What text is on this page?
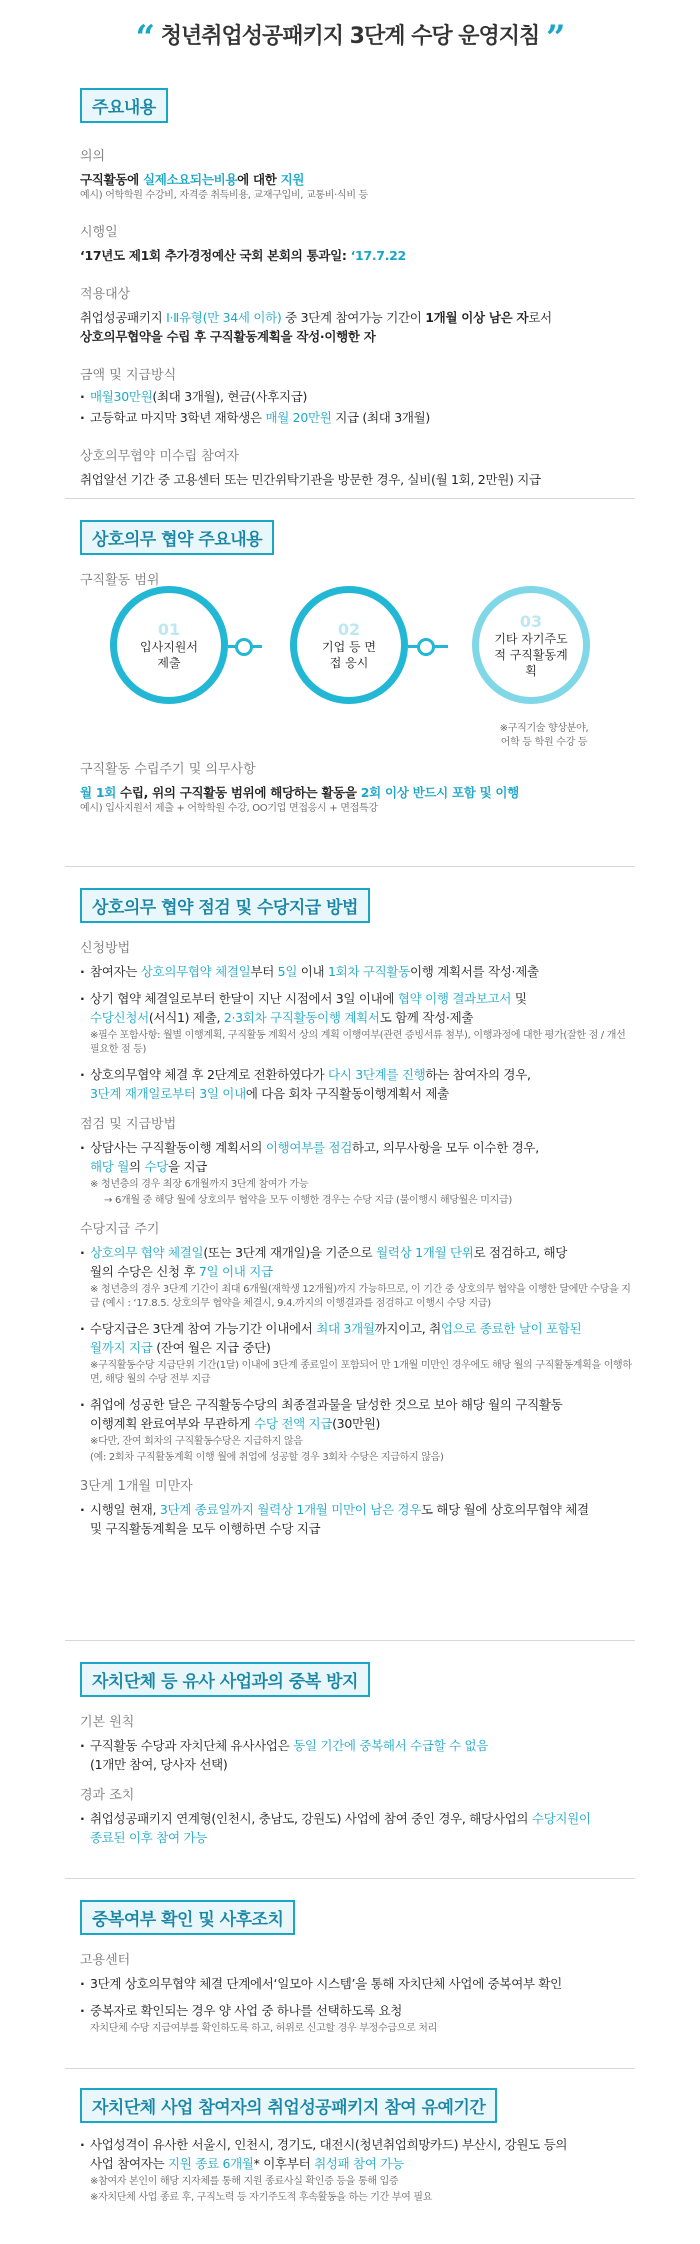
“ 청년취업성공패키지 3단계 수당 운영지침 ”
주요내용
의의
구직활동에 실제소요되는비용에 대한 지원
예시) 어학학원 수강비, 자격증 취득비용, 교재구입비, 교통비·식비 등
시행일
‘17년도 제1회 추가경정예산 국회 본회의 통과일: ‘17.7.22
적용대상
취업성공패키지 Ⅰ·Ⅱ유형(만 34세 이하) 중 3단계 참여가능 기간이 1개월 이상 남은 자로서
상호의무협약을 수립 후 구직활동계획을 작성·이행한 자
금액 및 지급방식
· 매월30만원(최대 3개월), 현금(사후지급)
· 고등학교 마지막 3학년 재학생은 매월 20만원 지급 (최대 3개월)
상호의무협약 미수립 참여자
취업알선 기간 중 고용센터 또는 민간위탁기관을 방문한 경우, 실비(월 1회, 2만원) 지급
상호의무 협약 주요내용
구직활동 범위
01
입사지원서 제출
02
기업 등 면접 응시
03
기타 자기주도적 구직활동계획
※구직기술 향상분야,
어학 등 학원 수강 등
구직활동 수립주기 및 의무사항
월 1회 수립, 위의 구직활동 범위에 해당하는 활동을 2회 이상 반드시 포함 및 이행
예시) 입사지원서 제출 + 어학학원 수강, OO기업 면접응시 + 면접특강
상호의무 협약 점검 및 수당지급 방법
신청방법
· 참여자는 상호의무협약 체결일부터 5일 이내 1회차 구직활동이행 계획서를 작성·제출
· 상기 협약 체결일로부터 한달이 지난 시점에서 3일 이내에 협약 이행 결과보고서 및
수당신청서(서식1) 제출, 2·3회차 구직활동이행 계획서도 함께 작성·제출
※필수 포함사항: 월별 이행계획, 구직활동 계획서 상의 계획 이행여부(관련 증빙서류 첨부), 이행과정에 대한 평가(잘한 점 / 개선 필요한 점 등)
· 상호의무협약 체결 후 2단계로 전환하였다가 다시 3단계를 진행하는 참여자의 경우,
3단계 재개일로부터 3일 이내에 다음 회차 구직활동이행계획서 제출
점검 및 지급방법
· 상담사는 구직활동이행 계획서의 이행여부를 점검하고, 의무사항을 모두 이수한 경우,
해당 월의 수당을 지급
※ 청년층의 경우 최장 6개월까지 3단계 참여가 가능
→ 6개월 중 해당 월에 상호의무 협약을 모두 이행한 경우는 수당 지급 (불이행시 해당월은 미지급)
수당지급 주기
· 상호의무 협약 체결일(또는 3단계 재개일)을 기준으로 월력상 1개월 단위로 점검하고, 해당
월의 수당은 신청 후 7일 이내 지급
※ 청년층의 경우 3단계 기간이 최대 6개월(재학생 12개월)까지 가능하므로, 이 기간 중 상호의무 협약을 이행한 달에만 수당을 지급 (예시 : ‘17.8.5. 상호의무 협약을 체결시, 9.4.까지의 이행결과를 점검하고 이행시 수당 지급)
· 수당지급은 3단계 참여 가능기간 이내에서 최대 3개월까지이고, 취업으로 종료한 날이 포함된
월까지 지급 (잔여 월은 지급 중단)
※구직활동수당 지급단위 기간(1달) 이내에 3단계 종료일이 포함되어 만 1개월 미만인 경우에도 해당 월의 구직활동계획을 이행하면, 해당 월의 수당 전부 지급
· 취업에 성공한 달은 구직활동수당의 최종결과물을 달성한 것으로 보아 해당 월의 구직활동
이행계획 완료여부와 무관하게 수당 전액 지급(30만원)
※다만, 잔여 회차의 구직활동수당은 지급하지 않음
(예: 2회차 구직활동계획 이행 월에 취업에 성공할 경우 3회차 수당은 지급하지 않음)
3단계 1개월 미만자
· 시행일 현재, 3단계 종료일까지 월력상 1개월 미만이 남은 경우도 해당 월에 상호의무협약 체결
및 구직활동계획을 모두 이행하면 수당 지급
자치단체 등 유사 사업과의 중복 방지
기본 원칙
· 구직활동 수당과 자치단체 유사사업은 동일 기간에 중복해서 수급할 수 없음
(1개만 참여, 당사자 선택)
경과 조치
· 취업성공패키지 연계형(인천시, 충남도, 강원도) 사업에 참여 중인 경우, 해당사업의 수당지원이
종료된 이후 참여 가능
중복여부 확인 및 사후조치
고용센터
· 3단계 상호의무협약 체결 단계에서‘일모아 시스템’을 통해 자치단체 사업에 중복여부 확인
· 중복자로 확인되는 경우 양 사업 중 하나를 선택하도록 요청
자치단체 수당 지급여부를 확인하도록 하고, 허위로 신고할 경우 부정수급으로 처리
자치단체 사업 참여자의 취업성공패키지 참여 유예기간
· 사업성격이 유사한 서울시, 인천시, 경기도, 대전시(청년취업희망카드) 부산시, 강원도 등의
사업 참여자는 지원 종료 6개월* 이후부터 취성패 참여 가능
※참여자 본인이 해당 지자체를 통해 지원 종료사실 확인증 등을 통해 입증
※자치단체 사업 종료 후, 구직노력 등 자기주도적 후속활동을 하는 기간 부여 필요
